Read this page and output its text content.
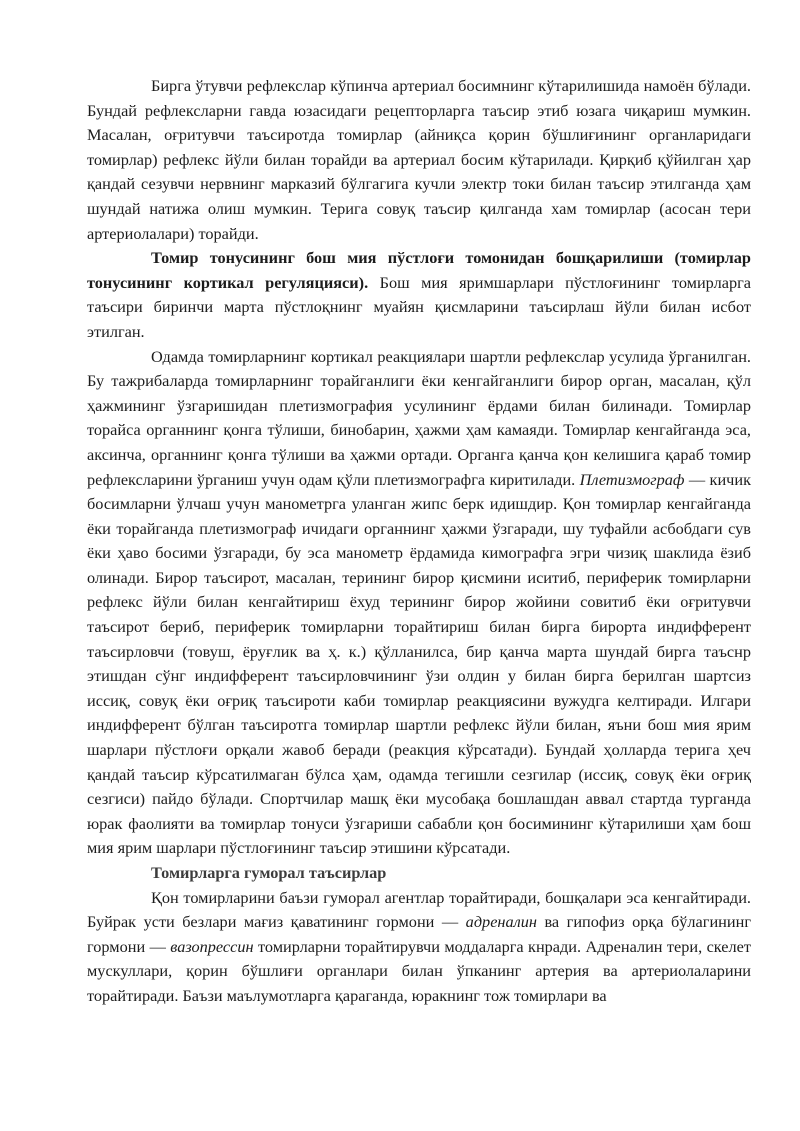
Бирга ўтувчи рефлекслар кўпинча артериал босимнинг кўтарилишида намоён бўлади. Бундай рефлексларни гавда юзасидаги рецепторларга таъсир этиб юзага чиқариш мумкин. Масалан, оғритувчи таъсиротда томирлар (айниқса қорин бўшлиғининг органларидаги томирлар) рефлекс йўли билан торайди ва артериал босим кўтарилади. Қирқиб қўйилган ҳар қандай сезувчи нервнинг марказий бўлгагига кучли электр токи билан таъсир этилганда ҳам шундай натижа олиш мумкин. Терига совуқ таъсир қилганда хам томирлар (асосан тери артериолалари) торайди.

Томир тонусининг бош мия пўстлоғи томонидан бошқарилиши (томирлар тонусининг кортикал регуляцияси). Бош мия яримшарлари пўстлоғининг томирларга таъсири биринчи марта пўстлоқнинг муайян қисмларини таъсирлаш йўли билан исбот этилган.

Одамда томирларнинг кортикал реакциялари шартли рефлекслар усулида ўрганилган. Бу тажрибаларда томирларнинг торайганлиги ёки кенгайганлиги бирор орган, масалан, қўл ҳажмининг ўзгаришидан плетизмография усулининг ёрдами билан билинади. Томирлар торайса органнинг қонга тўлиши, бинобарин, ҳажми ҳам камаяди. Томирлар кенгайганда эса, аксинча, органнинг қонга тўлиши ва ҳажми ортади. Органга қанча қон келишига қараб томир рефлексларини ўрганиш учун одам қўли плетизмографга киритилади. Плетизмограф — кичик босимларни ўлчаш учун манометрга уланган жипс берк идишдир. Қон томирлар кенгайганда ёки торайганда плетизмограф ичидаги органнинг ҳажми ўзгаради, шу туфайли асбобдаги сув ёки ҳаво босими ўзгаради, бу эса манометр ёрдамида кимографга эгри чизиқ шаклида ёзиб олинади. Бирор таъсирот, масалан, терининг бирор қисмини иситиб, периферик томирларни рефлекс йўли билан кенгайтириш ёхуд терининг бирор жойини совитиб ёки оғритувчи таъсирот бериб, периферик томирларни торайтириш билан бирга бирорта индифферент таъсирловчи (товуш, ёруғлик ва ҳ. к.) қўлланилса, бир қанча марта шундай бирга таъснр этишдан сўнг индифферент таъсирловчининг ўзи олдин у билан бирга берилган шартсиз иссиқ, совуқ ёки оғриқ таъсироти каби томирлар реакциясини вужудга келтиради. Илгари индифферент бўлган таъсиротга томирлар шартли рефлекс йўли билан, яъни бош мия ярим шарлари пўстлоғи орқали жавоб беради (реакция кўрсатади). Бундай ҳолларда терига ҳеч қандай таъсир кўрсатилмаган бўлса ҳам, одамда тегишли сезгилар (иссиқ, совуқ ёки оғриқ сезгиси) пайдо бўлади. Спортчилар машқ ёки мусобақа бошлашдан аввал стартда турганда юрак фаолияти ва томирлар тонуси ўзгариши сабабли қон босимининг кўтарилиши ҳам бош мия ярим шарлари пўстлоғининг таъсир этишини кўрсатади.

Томирларга гуморал таъсирлар

Қон томирларини баъзи гуморал агентлар торайтиради, бошқалари эса кенгайтиради. Буйрак усти безлари мағиз қаватининг гормони — адреналин ва гипофиз орқа бўлагининг гормони — вазопрессин томирларни торайтирувчи моддаларга кнради. Адреналин тери, скелет мускуллари, қорин бўшлиғи органлари билан ўпканинг артерия ва артериолаларини торайтиради. Баъзи маълумотларга қараганда, юракнинг тож томирлари ва
